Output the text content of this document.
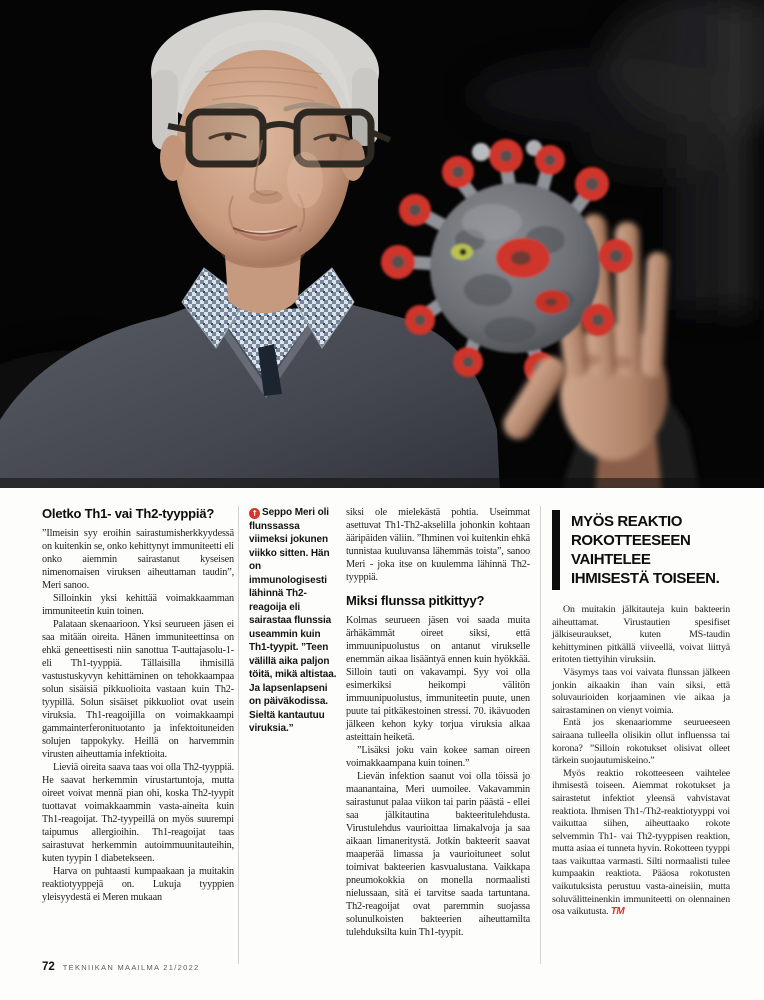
Oletko Th1- vai Th2-tyyppiä?

”Ilmeisin syy eroihin sairastumisherkkyydessä on kuitenkin se, onko kehittynyt immuniteetti eli onko aiemmin sairastanut kyseisen nimenomaisen viruksen aiheuttaman taudin”, Meri sanoo.

Silloinkin yksi kehittää voimakkaamman immuniteetin kuin toinen.

Palataan skenaarioon. Yksi seurueen jäsen ei saa mitään oireita. Hänen immuniteettinsa on ehkä geneettisesti niin sanottua T-auttajasolu-1- eli Th1-tyyppiä. Tällaisilla ihmisillä vastustuskyvyn kehittäminen on tehokkaampaa solun sisäisiä pikkuolioita vastaan kuin Th2-tyypillä. Solun sisäiset pikkuoliot ovat usein viruksia. Th1-reagoijilla on voimakkaampi gammainterferonituotanto ja infektoituneiden solujen tappokyky. Heillä on harvemmin virusten aiheuttamia infektioita.

Lieviä oireita saava taas voi olla Th2-tyyppiä. He saavat herkemmin virustartuntoja, mutta oireet voivat mennä pian ohi, koska Th2-tyypit tuottavat voimakkaammin vasta-aineita kuin Th1-reagoijat. Th2-tyypeillä on myös suurempi taipumus allergioihin. Th1-reagoijat taas sairastuvat herkemmin autoimmuunitauteihin, kuten tyypin 1 diabetekseen.

Harva on puhtaasti kumpaakaan ja muitakin reaktiotyyppejä on. Lukuja tyyppien yleisyydestä ei Meren mukaan

↑ Seppo Meri oli flunssassa viimeksi jokunen viikko sitten. Hän on immunologisesti lähinnä Th2-reagoija eli sairastaa flunssia useammin kuin Th1-tyypit. ”Teen välillä aika paljon töitä, mikä altistaa. Ja lapsenlapseni on päiväkodissa. Sieltä kantautuu viruksia.”

siksi ole mielekästä pohtia. Useimmat asettuvat Th1-Th2-akselilla johonkin kohtaan ääripäiden väliin. ”Ihminen voi kuitenkin ehkä tunnistaa kuuluvansa lähemmäs toista”, sanoo Meri - joka itse on kuulemma lähinnä Th2-tyyppiä.

Miksi flunssa pitkittyy?

Kolmas seurueen jäsen voi saada muita ärhäkämmät oireet siksi, että immuunipuolustus on antanut virukselle enemmän aikaa lisääntyä ennen kuin hyökkää. Silloin tauti on vakavampi. Syy voi olla esimerkiksi heikompi välitön immuunipuolustus, immuniteetin puute, unen puute tai pitkäkestoinen stressi. 70. ikävuoden jälkeen kehon kyky torjua viruksia alkaa asteittain heiketä.

”Lisäksi joku vain kokee saman oireen voimakkaampana kuin toinen.”

Lievän infektion saanut voi olla töissä jo maanantaina, Meri uumoilee. Vakavammin sairastunut palaa viikon tai parin päästä - ellei saa jälkitautina bakteeritulehdusta. Virustulehdus vaurioittaa limakalvoja ja saa aikaan limaneritystä. Jotkin bakteerit saavat maaperää limassa ja vaurioituneet solut toimivat bakteerien kasvualustana. Vaikkapa pneumokokkia on monella normaalisti nielussaan, sitä ei tarvitse saada tartuntana. Th2-reagoijat ovat paremmin suojassa solunulkoisten bakteerien aiheuttamilta tulehduksilta kuin Th1-tyypit.

MYÖS REAKTIO ROKOTTEESEEN VAIHTELEE IHMISESTÄ TOISEEN.

On muitakin jälkitauteja kuin bakteerin aiheuttamat. Virustautien spesifiset jälkiseuraukset, kuten MS-taudin kehittyminen pitkällä viiveellä, voivat liittyä eritoten tiettyihin viruksiin.

Väsymys taas voi vaivata flunssan jälkeen jonkin aikaakin ihan vain siksi, että soluvaurioiden korjaaminen vie aikaa ja sairastaminen on vienyt voimia.

Entä jos skenaariomme seurueeseen sairaana tulleella olisikin ollut influenssa tai korona? ”Silloin rokotukset olisivat olleet tärkein suojautumiskeino.”

Myös reaktio rokotteeseen vaihtelee ihmisestä toiseen. Aiemmat rokotukset ja sairastetut infektiot yleensä vahvistavat reaktiota. Ihmisen Th1-/Th2-reaktiotyyppi voi vaikuttaa siihen, aiheuttaako rokote selvemmin Th1- vai Th2-tyyppisen reaktion, mutta asiaa ei tunneta hyvin. Rokotteen tyyppi taas vaikuttaa varmasti. Silti normaalisti tulee kumpaakin reaktiota. Pääosa rokotusten vaikutuksista perustuu vasta-aineisiin, mutta soluvälitteinenkin immuniteetti on olennainen osa vaikutusta. TM

72 TEKNIIKAN MAAILMA 21/2022
